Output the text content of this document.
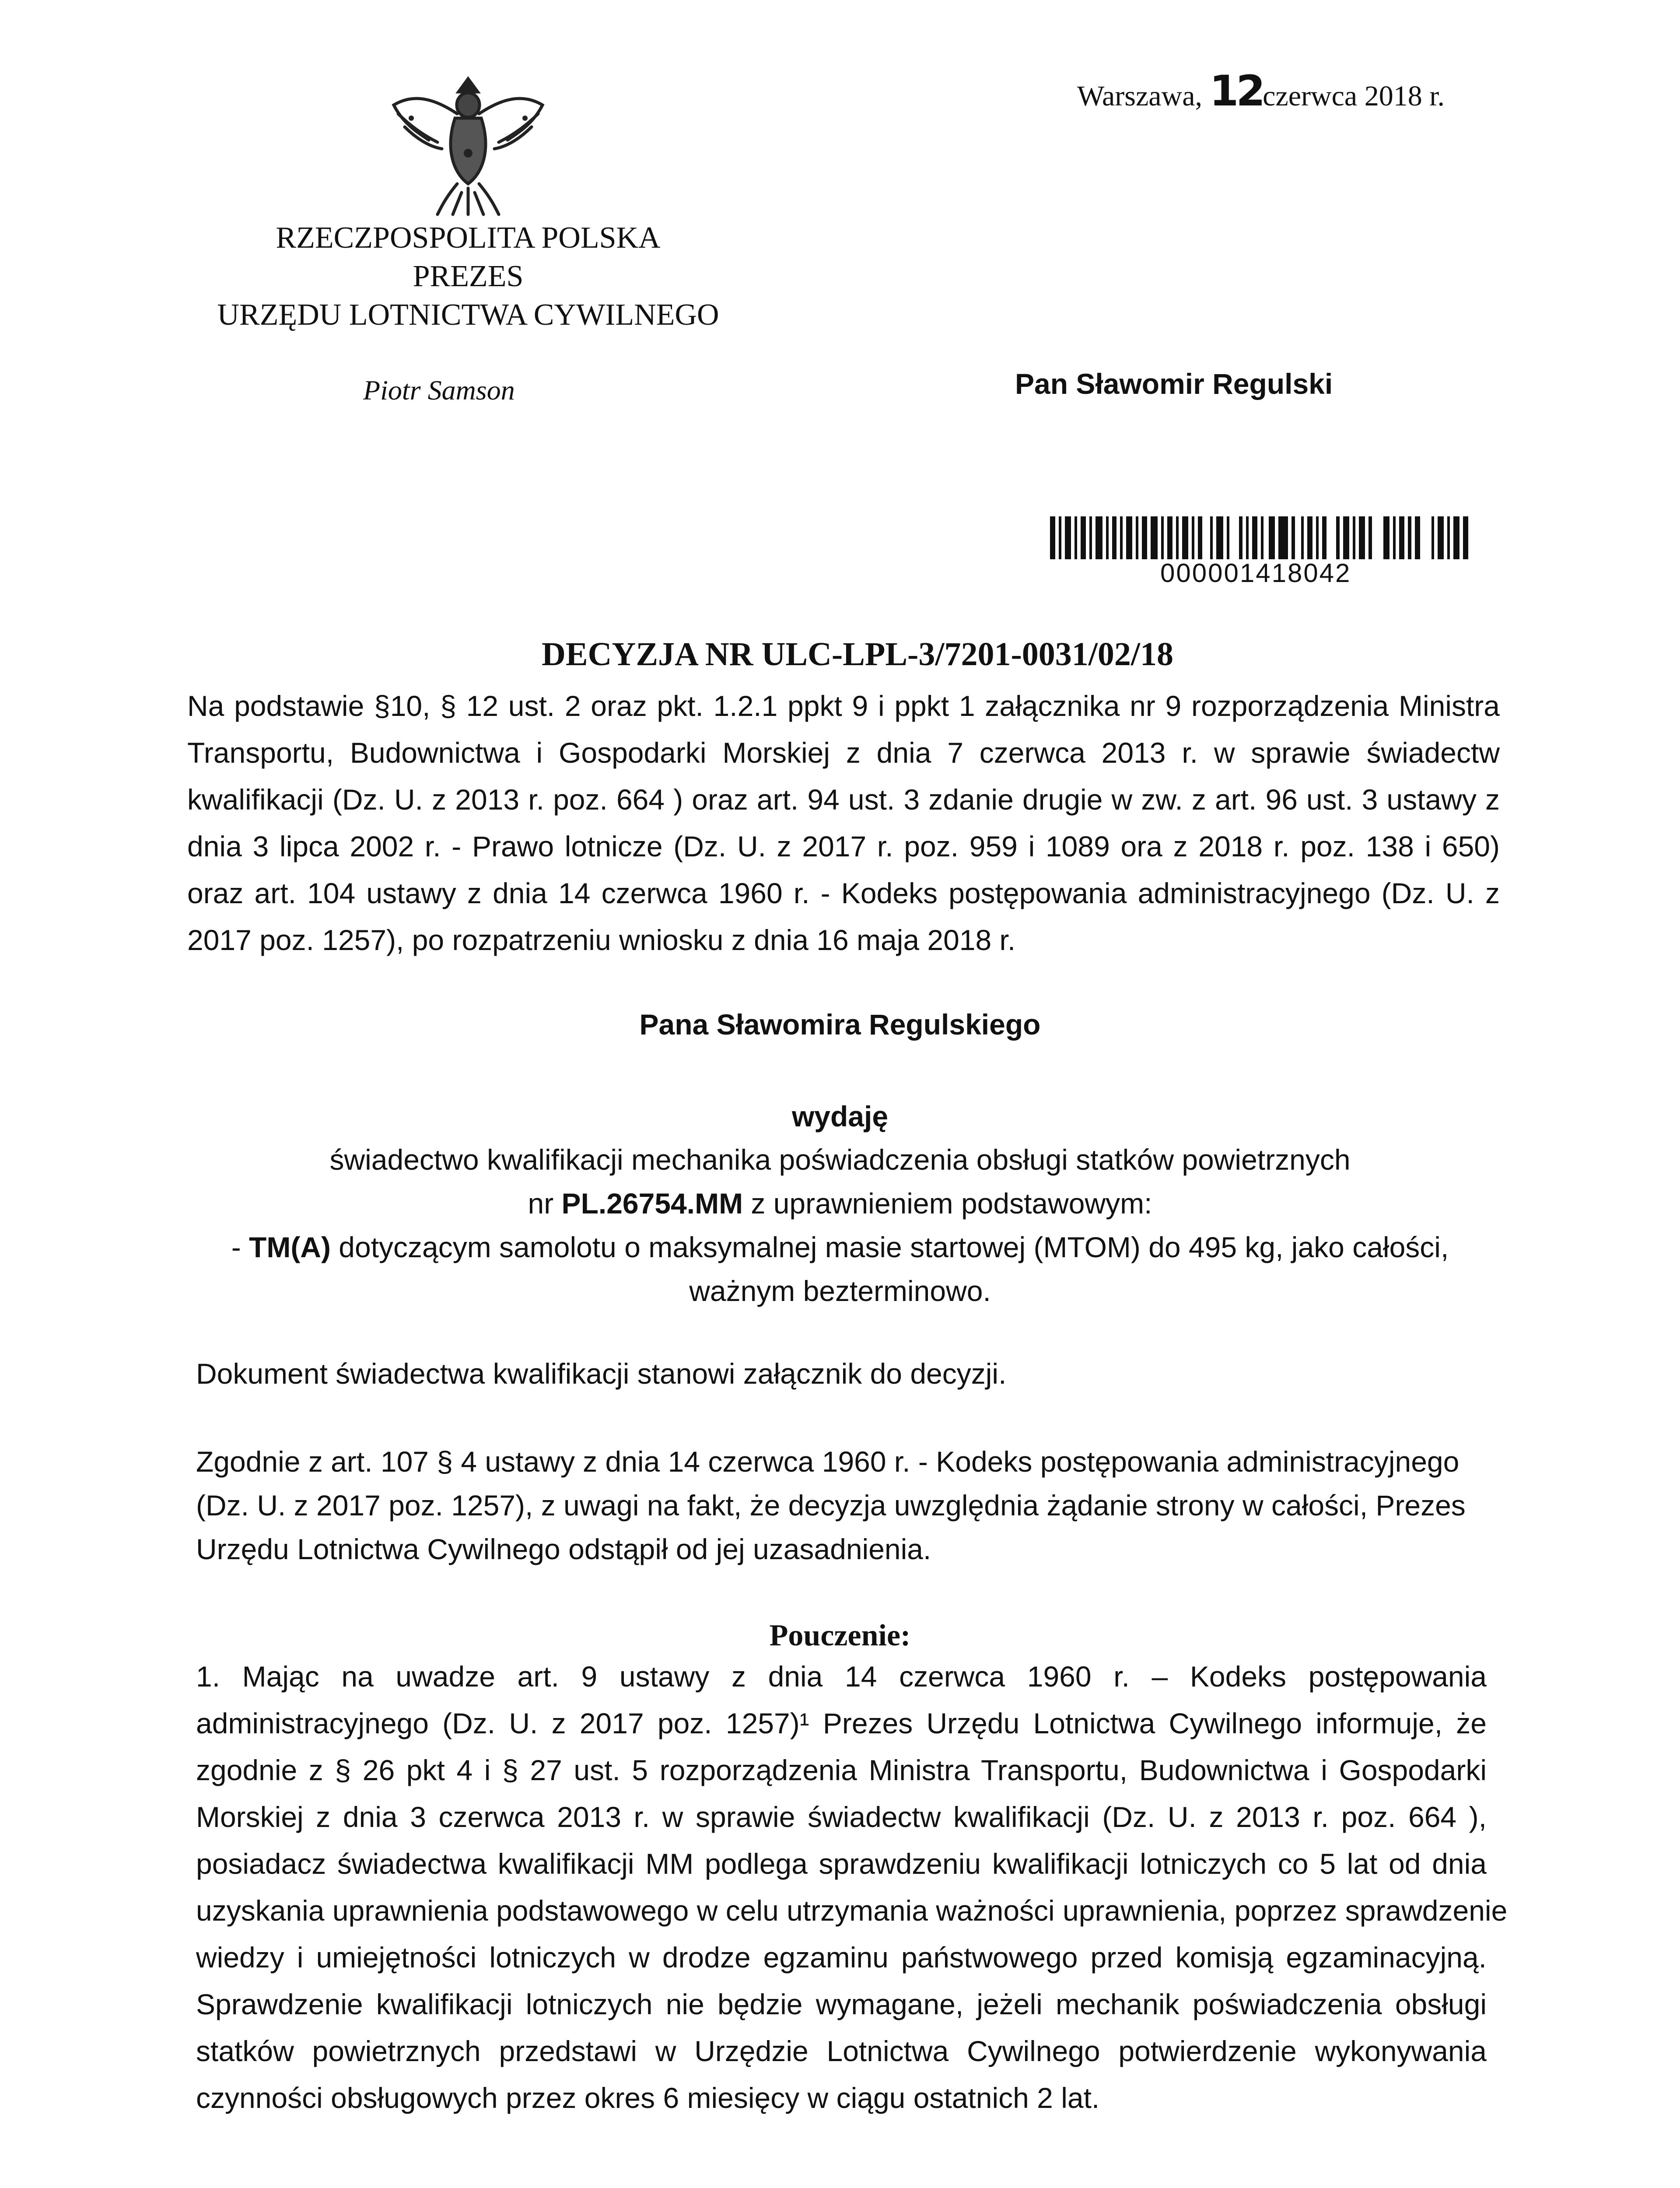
Warszawa, 12czerwca 2018 r.
RZECZPOSPOLITA POLSKA
PREZES
URZĘDU LOTNICTWA CYWILNEGO
Piotr Samson	Pan Sławomir Regulski
000001418042
DECYZJA NR ULC-LPL-3/7201-0031/02/18
Na podstawie §10, § 12 ust. 2 oraz pkt. 1.2.1 ppkt 9 i ppkt 1 załącznika nr 9 rozporządzenia Ministra
Transportu, Budownictwa i Gospodarki Morskiej z dnia 7 czerwca 2013 r. w sprawie świadectw
kwalifikacji (Dz. U. z 2013 r. poz. 664 ) oraz art. 94 ust. 3 zdanie drugie w zw. z art. 96 ust. 3 ustawy z
dnia 3 lipca 2002 r. - Prawo lotnicze (Dz. U. z 2017 r. poz. 959 i 1089 ora z 2018 r. poz. 138 i 650)
oraz art. 104 ustawy z dnia 14 czerwca 1960 r. - Kodeks postępowania administracyjnego (Dz. U. z
2017 poz. 1257), po rozpatrzeniu wniosku z dnia 16 maja 2018 r.
Pana Sławomira Regulskiego
wydaję
świadectwo kwalifikacji mechanika poświadczenia obsługi statków powietrznych
nr PL.26754.MM z uprawnieniem podstawowym:
- TM(A) dotyczącym samolotu o maksymalnej masie startowej (MTOM) do 495 kg, jako całości,
ważnym bezterminowo.
Dokument świadectwa kwalifikacji stanowi załącznik do decyzji.
Zgodnie z art. 107 § 4 ustawy z dnia 14 czerwca 1960 r. - Kodeks postępowania administracyjnego
(Dz. U. z 2017 poz. 1257), z uwagi na fakt, że decyzja uwzględnia żądanie strony w całości, Prezes
Urzędu Lotnictwa Cywilnego odstąpił od jej uzasadnienia.
Pouczenie:
1. Mając na uwadze art. 9 ustawy z dnia 14 czerwca 1960 r. – Kodeks postępowania
administracyjnego (Dz. U. z 2017 poz. 1257)¹ Prezes Urzędu Lotnictwa Cywilnego informuje, że
zgodnie z § 26 pkt 4 i § 27 ust. 5 rozporządzenia Ministra Transportu, Budownictwa i Gospodarki
Morskiej z dnia 3 czerwca 2013 r. w sprawie świadectw kwalifikacji (Dz. U. z 2013 r. poz. 664 ),
posiadacz świadectwa kwalifikacji MM podlega sprawdzeniu kwalifikacji lotniczych co 5 lat od dnia
uzyskania uprawnienia podstawowego w celu utrzymania ważności uprawnienia, poprzez sprawdzenie
wiedzy i umiejętności lotniczych w drodze egzaminu państwowego przed komisją egzaminacyjną.
Sprawdzenie kwalifikacji lotniczych nie będzie wymagane, jeżeli mechanik poświadczenia obsługi
statków powietrznych przedstawi w Urzędzie Lotnictwa Cywilnego potwierdzenie wykonywania
czynności obsługowych przez okres 6 miesięcy w ciągu ostatnich 2 lat.
